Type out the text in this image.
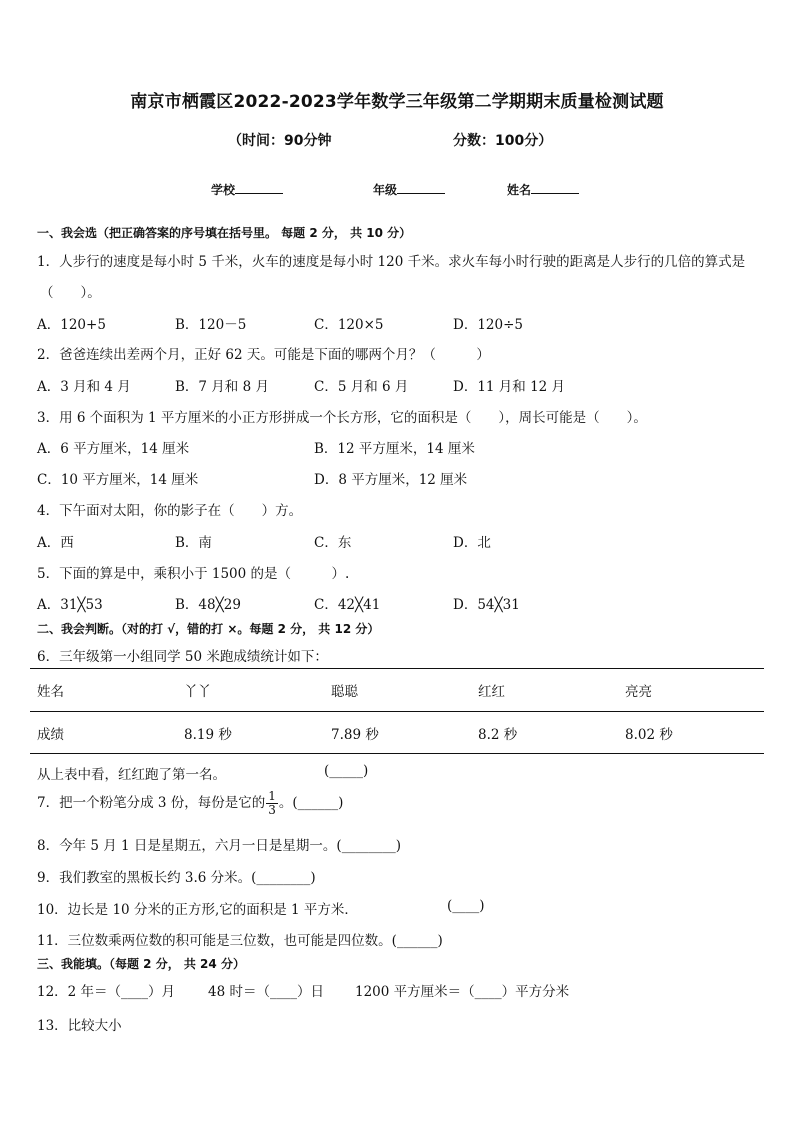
南京市栖霞区2022-2023学年数学三年级第二学期期末质量检测试题
（时间：90分钟	分数：100分）
学校	年级	姓名
一、我会选（把正确答案的序号填在括号里。 每题 2 分， 共 10 分）
1．人步行的速度是每小时 5 千米，火车的速度是每小时 120 千米。求火车每小时行驶的距离是人步行的几倍的算式是
（　　）。
A．120+5	B．120－5	C．120×5	D．120÷5
2．爸爸连续出差两个月，正好 62 天。可能是下面的哪两个月？（　　　）
A．3 月和 4 月	B．7 月和 8 月	C．5 月和 6 月	D．11 月和 12 月
3．用 6 个面积为 1 平方厘米的小正方形拼成一个长方形，它的面积是（　　），周长可能是（　　）。
A．6 平方厘米，14 厘米	B．12 平方厘米，14 厘米
C．10 平方厘米，14 厘米	D．8 平方厘米，12 厘米
4．下午面对太阳，你的影子在（　　）方。
A．西	B．南	C．东	D．北
5．下面的算是中，乘积小于 1500 的是（　　　）.
A．31╳53	B．48╳29	C．42╳41	D．54╳31
二、我会判断。（对的打 √，错的打 ×。每题 2 分， 共 12 分）
6．三年级第一小组同学 50 米跑成绩统计如下：
姓名	丫丫	聪聪	红红	亮亮
成绩	8.19 秒	7.89 秒	8.2 秒	8.02 秒
从上表中看，红红跑了第一名。	(_____)
7．把一个粉笔分成 3 份，每份是它的 $\frac{1}{3}$ 。(______)
8．今年 5 月 1 日是星期五，六月一日是星期一。(________)
9．我们教室的黑板长约 3.6 分米。(________)
10．边长是 10 分米的正方形,它的面积是 1 平方米．	(____)
11．三位数乘两位数的积可能是三位数，也可能是四位数。(______)
三、我能填。（每题 2 分， 共 24 分）
12．2 年＝（____）月 48 时＝（____）日 1200 平方厘米＝（____）平方分米
13．比较大小
